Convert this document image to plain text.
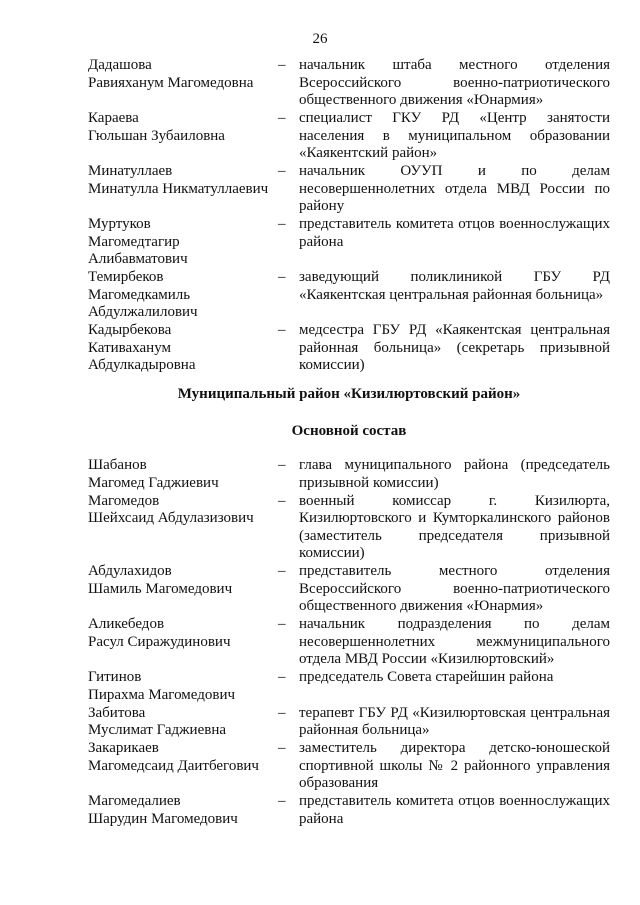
26
Дадашова
Равияханум Магомедовна
– начальник штаба местного отделения Всероссийского военно-патриотического общественного движения «Юнармия»
Караева
Гюльшан Зубаиловна
– специалист ГКУ РД «Центр занятости населения в муниципальном образовании «Каякентский район»
Минатуллаев
Минатулла Никматуллаевич
– начальник ОУУП и по делам несовершеннолетних отдела МВД России по району
Муртуков
Магомедтагир
Алибавматович
– представитель комитета отцов военнослужащих района
Темирбеков
Магомедкамиль
Абдулжалилович
– заведующий поликлиникой ГБУ РД «Каякентская центральная районная больница»
Кадырбекова
Кативаханум
Абдулкадыровна
– медсестра ГБУ РД «Каякентская центральная районная больница» (секретарь призывной комиссии)
Муниципальный район «Кизилюртовский район»
Основной состав
Шабанов
Магомед Гаджиевич
– глава муниципального района (председатель призывной комиссии)
Магомедов
Шейхсаид Абдулазизович
– военный комиссар г. Кизилюрта, Кизилюртовского и Кумторкалинского районов (заместитель председателя призывной комиссии)
Абдулахидов
Шамиль Магомедович
– представитель местного отделения Всероссийского военно-патриотического общественного движения «Юнармия»
Аликебедов
Расул Сиражудинович
– начальник подразделения по делам несовершеннолетних межмуниципального отдела МВД России «Кизилюртовский»
Гитинов
Пирахма Магомедович
– председатель Совета старейшин района
Забитова
Муслимат Гаджиевна
– терапевт ГБУ РД «Кизилюртовская центральная районная больница»
Закарикаев
Магомедсаид Даитбегович
– заместитель директора детско-юношеской спортивной школы № 2 районного управления образования
Магомедалиев
Шарудин Магомедович
– представитель комитета отцов военнослужащих района
